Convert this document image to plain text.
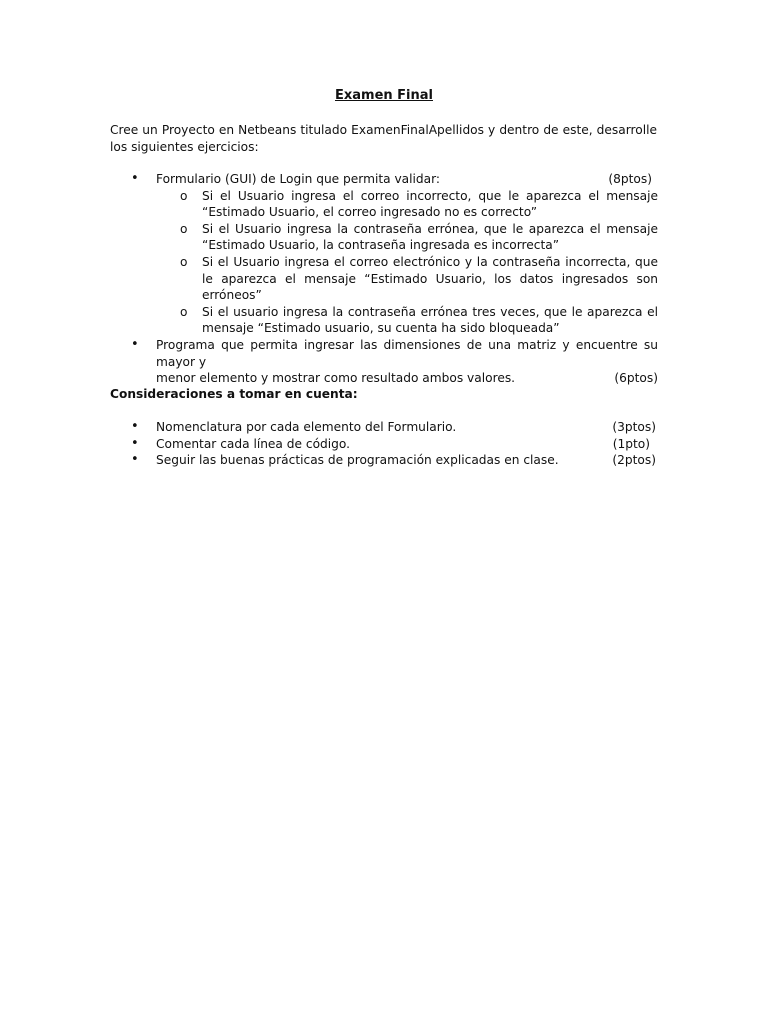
Examen Final

Cree un Proyecto en Netbeans titulado ExamenFinalApellidos y dentro de este, desarrolle los siguientes ejercicios:

• Formulario (GUI) de Login que permita validar:	(8ptos)
o Si el Usuario ingresa el correo incorrecto, que le aparezca el mensaje “Estimado Usuario, el correo ingresado no es correcto”
o Si el Usuario ingresa la contraseña errónea, que le aparezca el mensaje “Estimado Usuario, la contraseña ingresada es incorrecta”
o Si el Usuario ingresa el correo electrónico y la contraseña incorrecta, que le aparezca el mensaje “Estimado Usuario, los datos ingresados son erróneos”
o Si el usuario ingresa la contraseña errónea tres veces, que le aparezca el mensaje “Estimado usuario, su cuenta ha sido bloqueada”
• Programa que permita ingresar las dimensiones de una matriz y encuentre su mayor y
menor elemento y mostrar como resultado ambos valores.	(6ptos)
Consideraciones a tomar en cuenta:
• Nomenclatura por cada elemento del Formulario.	(3ptos)
• Comentar cada línea de código.	(1pto)
• Seguir las buenas prácticas de programación explicadas en clase.	(2ptos)
